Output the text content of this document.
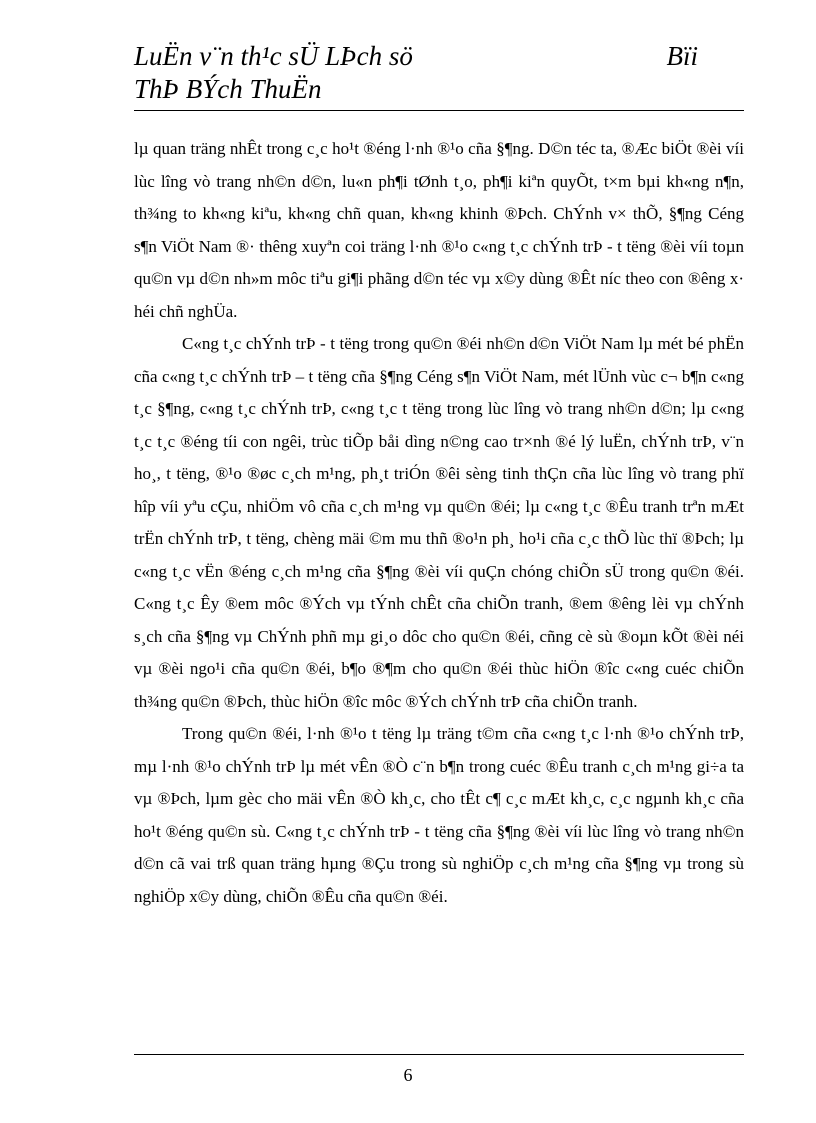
LuËn v¨n th¹c sÜ LÞch sö
ThÞ BÝch ThuËn
Bïi

lµ quan träng nhÊt trong c¸c ho¹t ®éng l·nh ®¹o cña §¶ng. D©n téc ta, ®Æc biÖt ®èi víi lùc lîng vò trang nh©n d©n, lu«n ph¶i tØnh t¸o, ph¶i kiªn quyÕt, t×m bµi kh«ng n¶n, th¾ng to kh«ng kiªu, kh«ng chñ quan, kh«ng khinh ®Þch. ChÝnh v× thÕ, §¶ng Céng s¶n ViÖt Nam ®· thêng xuyªn coi träng l·nh ®¹o c«ng t¸c chÝnh trÞ - t tëng ®èi víi toµn qu©n vµ d©n nh»m môc tiªu gi¶i phãng d©n téc vµ x©y dùng ®Êt níc theo con ®êng x· héi chñ nghÜa.

C«ng t¸c chÝnh trÞ - t tëng trong qu©n ®éi nh©n d©n ViÖt Nam lµ mét bé phËn cña c«ng t¸c chÝnh trÞ – t tëng cña §¶ng Céng s¶n ViÖt Nam, mét lÜnh vùc c¬ b¶n c«ng t¸c §¶ng, c«ng t¸c chÝnh trÞ, c«ng t¸c t tëng trong lùc lîng vò trang nh©n d©n; lµ c«ng t¸c t¸c ®éng tíi con ngêi, trùc tiÕp båi dìng n©ng cao tr×nh ®é lý luËn, chÝnh trÞ, v¨n ho¸, t tëng, ®¹o ®øc c¸ch m¹ng, ph¸t triÓn ®êi sèng tinh thÇn cña lùc lîng vò trang phï hîp víi yªu cÇu, nhiÖm vô cña c¸ch m¹ng vµ qu©n ®éi; lµ c«ng t¸c ®Êu tranh trªn mÆt trËn chÝnh trÞ, t tëng, chèng mäi ©m mu thñ ®o¹n ph¸ ho¹i cña c¸c thÕ lùc thï ®Þch; lµ c«ng t¸c vËn ®éng c¸ch m¹ng cña §¶ng ®èi víi quÇn chóng chiÕn sÜ trong qu©n ®éi. C«ng t¸c Êy ®em môc ®Ých vµ tÝnh chÊt cña chiÕn tranh, ®em ®êng lèi vµ chÝnh s¸ch cña §¶ng vµ ChÝnh phñ mµ gi¸o dôc cho qu©n ®éi, cñng cè sù ®oµn kÕt ®èi néi vµ ®èi ngo¹i cña qu©n ®éi, b¶o ®¶m cho qu©n ®éi thùc hiÖn ®îc c«ng cuéc chiÕn th¾ng qu©n ®Þch, thùc hiÖn ®îc môc ®Ých chÝnh trÞ cña chiÕn tranh.

Trong qu©n ®éi, l·nh ®¹o t tëng lµ träng t©m cña c«ng t¸c l·nh ®¹o chÝnh trÞ, mµ l·nh ®¹o chÝnh trÞ lµ mét vÊn ®Ò c¨n b¶n trong cuéc ®Êu tranh c¸ch m¹ng gi÷a ta vµ ®Þch, lµm gèc cho mäi vÊn ®Ò kh¸c, cho tÊt c¶ c¸c mÆt kh¸c, c¸c ngµnh kh¸c cña ho¹t ®éng qu©n sù. C«ng t¸c chÝnh trÞ - t tëng cña §¶ng ®èi víi lùc lîng vò trang nh©n d©n cã vai trß quan träng hµng ®Çu trong sù nghiÖp c¸ch m¹ng cña §¶ng vµ trong sù nghiÖp x©y dùng, chiÕn ®Êu cña qu©n ®éi.

6
